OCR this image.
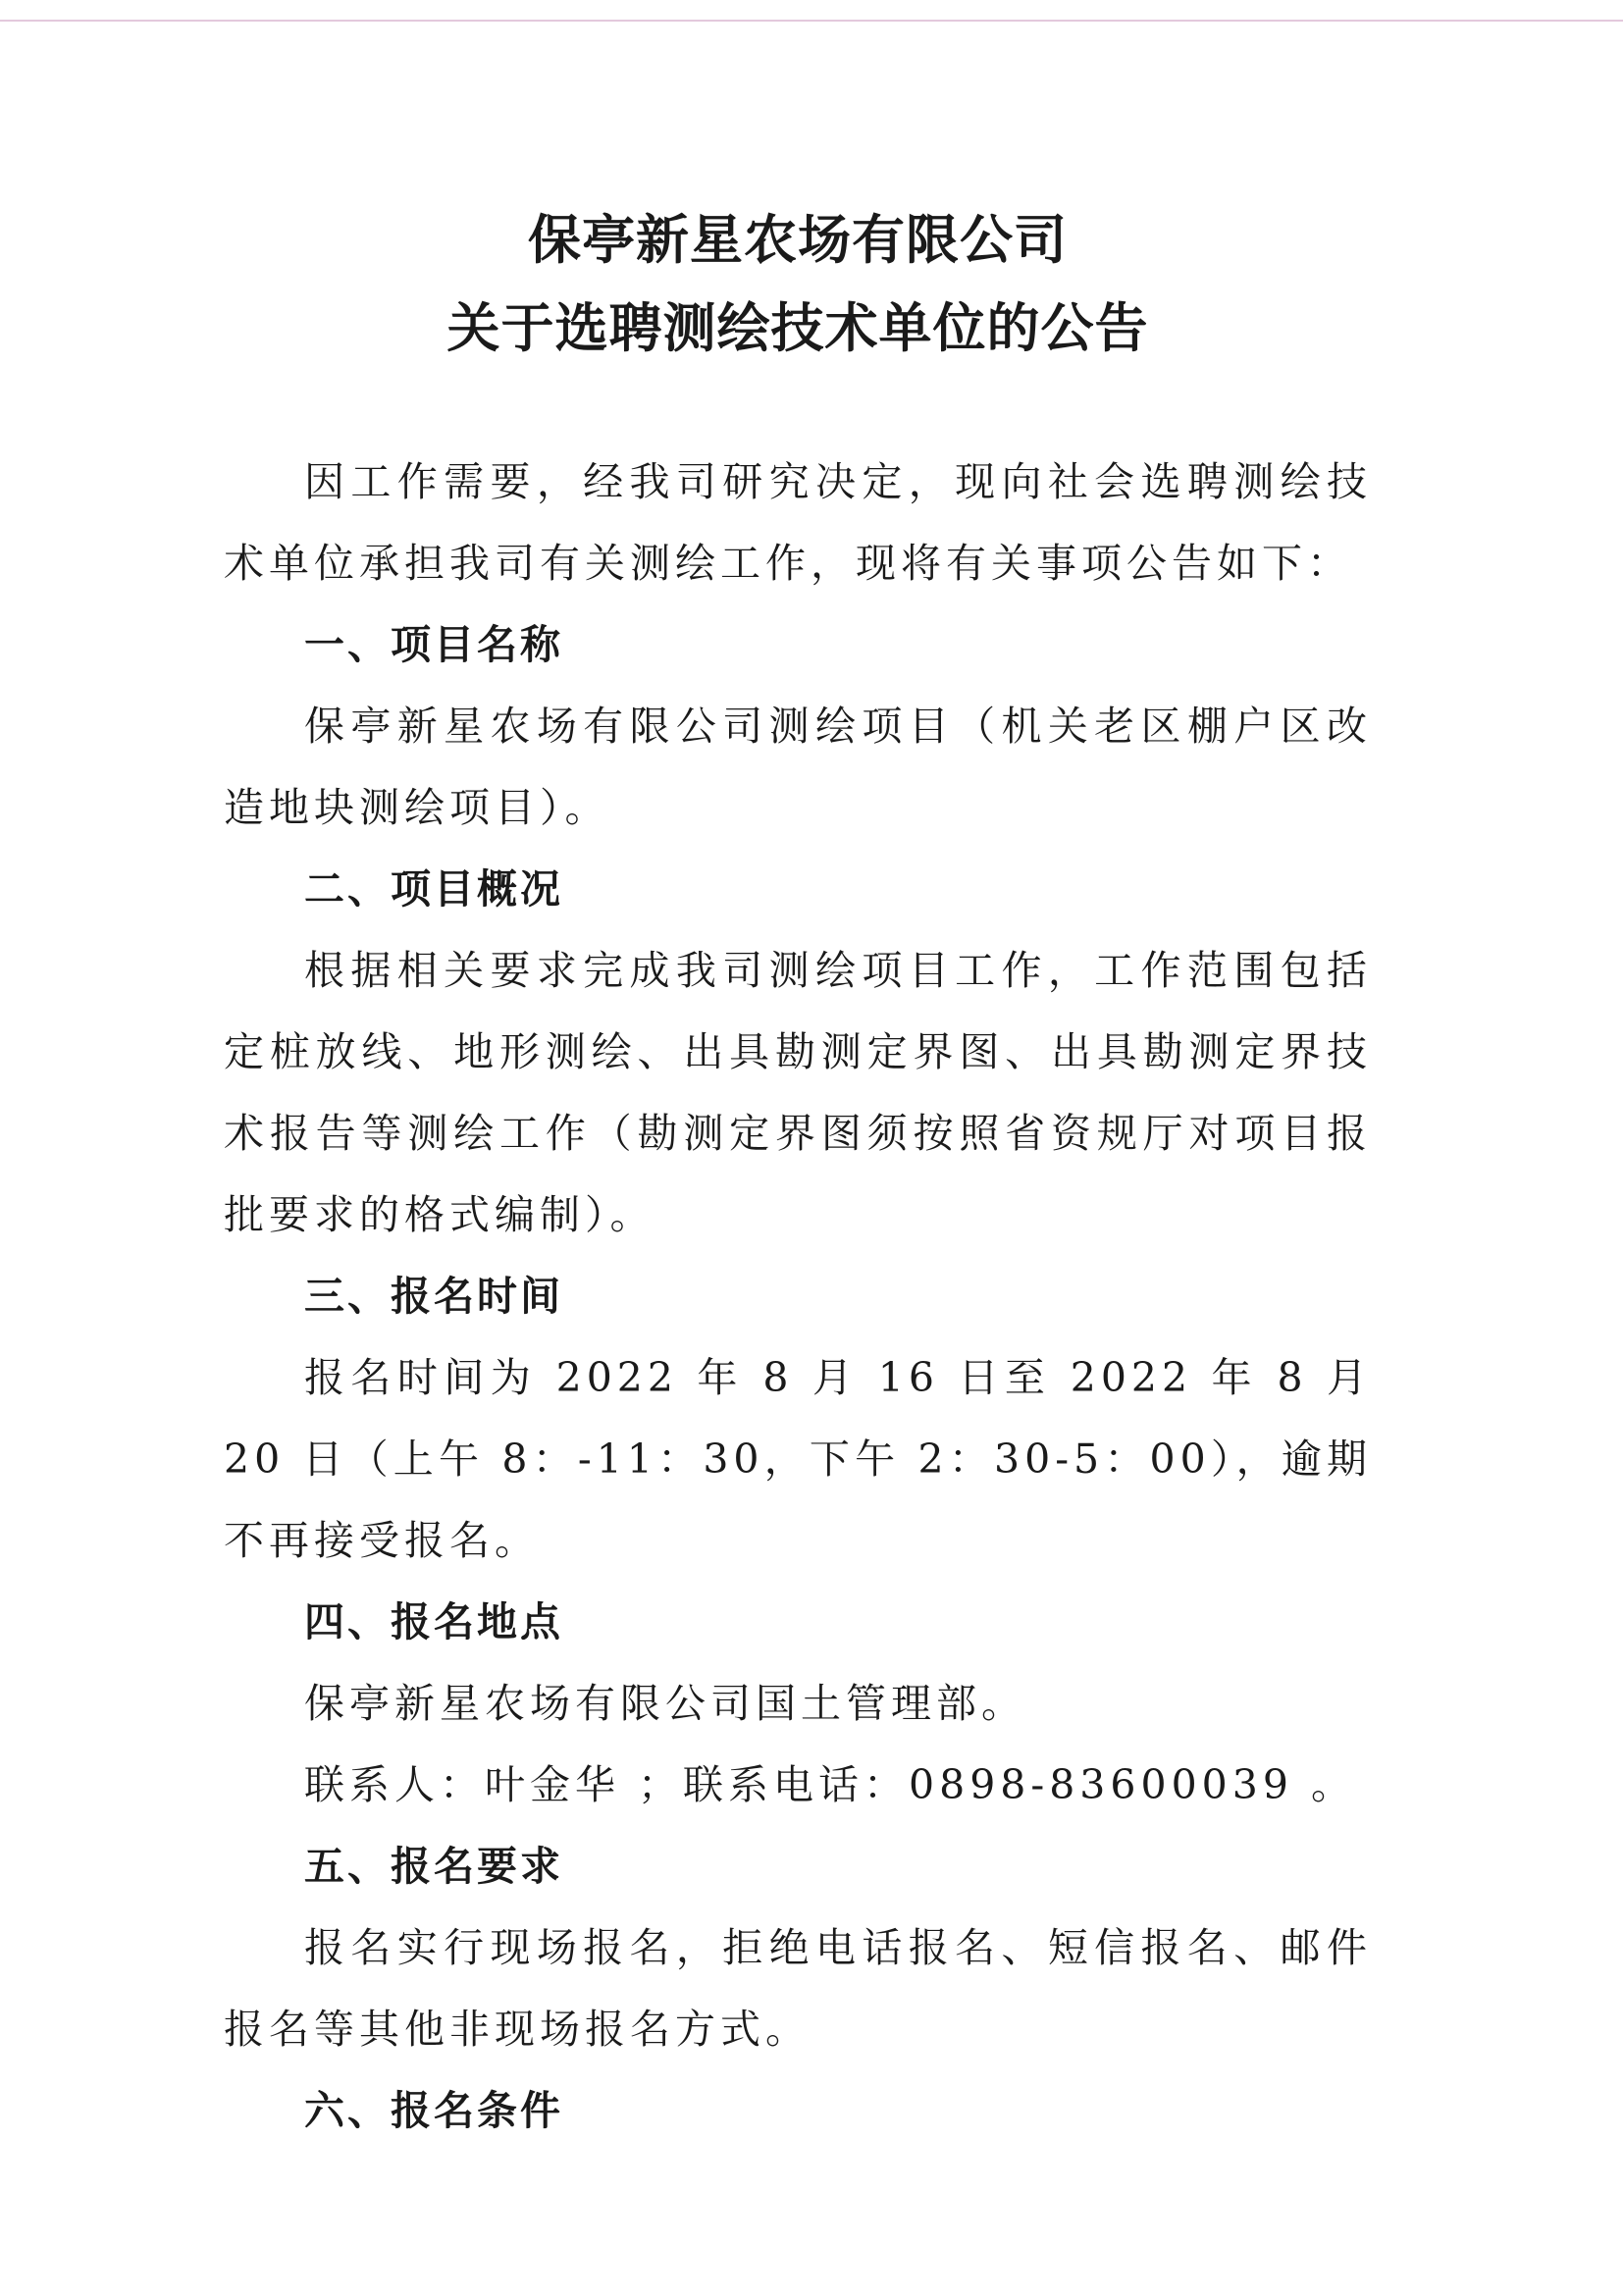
保亭新星农场有限公司
关于选聘测绘技术单位的公告

因工作需要，经我司研究决定，现向社会选聘测绘技术单位承担我司有关测绘工作，现将有关事项公告如下：

一、项目名称

保亭新星农场有限公司测绘项目（机关老区棚户区改造地块测绘项目）。

二、项目概况

根据相关要求完成我司测绘项目工作，工作范围包括定桩放线、地形测绘、出具勘测定界图、出具勘测定界技术报告等测绘工作（勘测定界图须按照省资规厅对项目报批要求的格式编制）。

三、报名时间

报名时间为 2022 年 8 月 16 日至 2022 年 8 月 20 日（上午 8：-11：30，下午 2：30-5：00），逾期不再接受报名。

四、报名地点

保亭新星农场有限公司国土管理部。

联系人：叶金华 ；联系电话：0898-83600039 。

五、报名要求

报名实行现场报名，拒绝电话报名、短信报名、邮件报名等其他非现场报名方式。

六、报名条件
